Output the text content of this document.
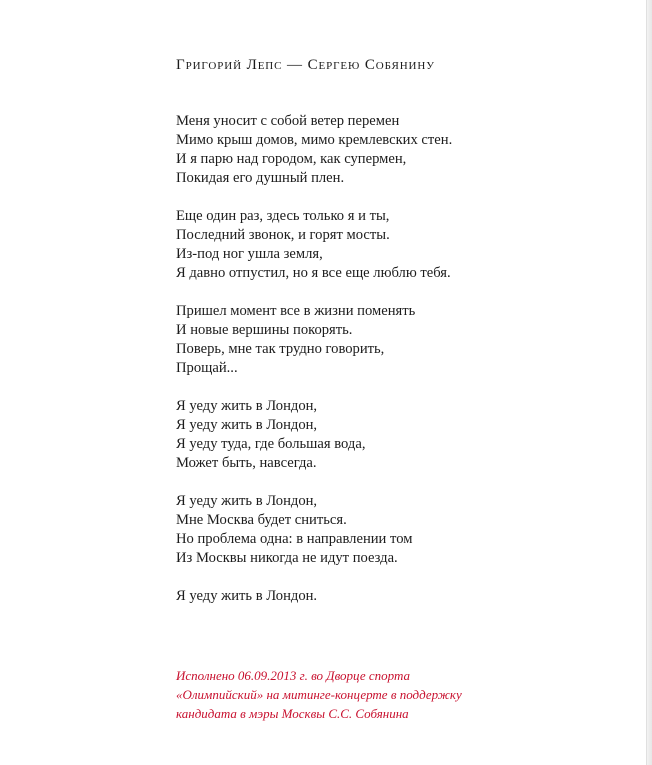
Григорий Лепс — Сергею Собянину
Меня уносит с собой ветер перемен
Мимо крыш домов, мимо кремлевских стен.
И я парю над городом, как супермен,
Покидая его душный плен.
Еще один раз, здесь только я и ты,
Последний звонок, и горят мосты.
Из-под ног ушла земля,
Я давно отпустил, но я все еще люблю тебя.
Пришел момент все в жизни поменять
И новые вершины покорять.
Поверь, мне так трудно говорить,
Прощай...
Я уеду жить в Лондон,
Я уеду жить в Лондон,
Я уеду туда, где большая вода,
Может быть, навсегда.
Я уеду жить в Лондон,
Мне Москва будет сниться.
Но проблема одна: в направлении том
Из Москвы никогда не идут поезда.
Я уеду жить в Лондон.
Исполнено 06.09.2013 г. во Дворце спорта
«Олимпийский» на митинге-концерте в поддержку
кандидата в мэры Москвы С.С. Собянина
